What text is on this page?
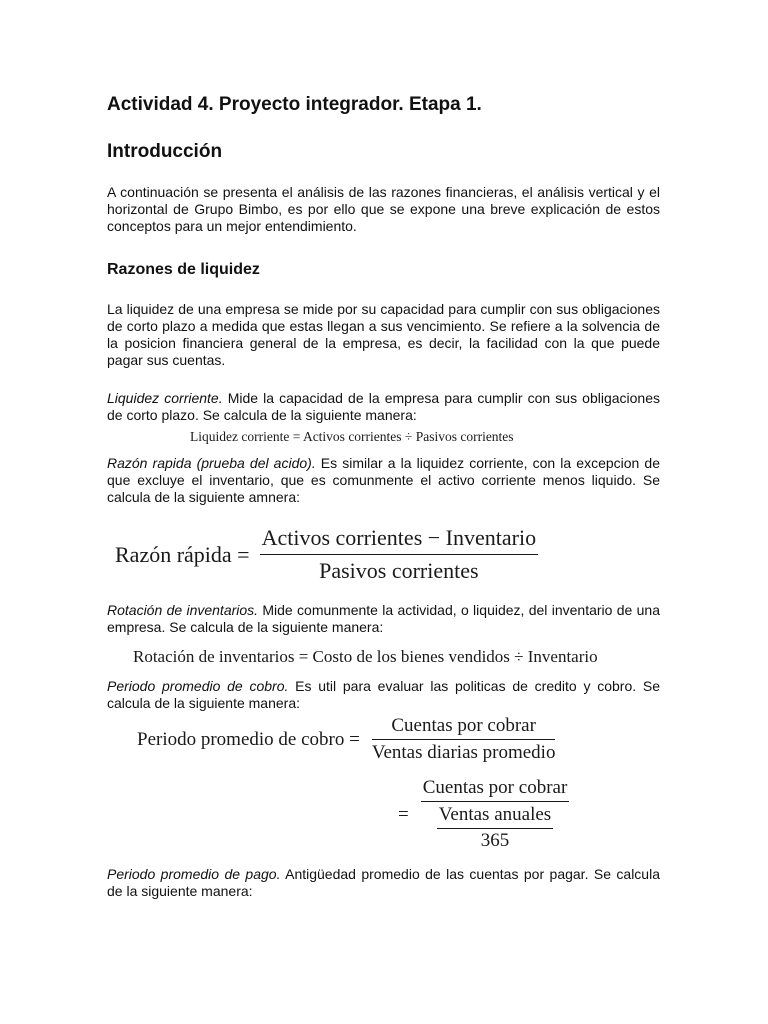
Actividad 4. Proyecto integrador. Etapa 1.
Introducción

A continuación se presenta el análisis de las razones financieras, el análisis vertical y el horizontal de Grupo Bimbo, es por ello que se expone una breve explicación de estos conceptos para un mejor entendimiento.

Razones de liquidez

La liquidez de una empresa se mide por su capacidad para cumplir con sus obligaciones de corto plazo a medida que estas llegan a sus vencimiento. Se refiere a la solvencia de la posicion financiera general de la empresa, es decir, la facilidad con la que puede pagar sus cuentas.

Liquidez corriente. Mide la capacidad de la empresa para cumplir con sus obligaciones de corto plazo. Se calcula de la siguiente manera:

Liquidez corriente = Activos corrientes ÷ Pasivos corrientes

Razón rapida (prueba del acido). Es similar a la liquidez corriente, con la excepcion de que excluye el inventario, que es comunmente el activo corriente menos liquido. Se calcula de la siguiente amnera:

Razón rápida = $\frac{\text{Activos corrientes − Inventario}}{\text{Pasivos corrientes}}$

Rotación de inventarios. Mide comunmente la actividad, o liquidez, del inventario de una empresa. Se calcula de la siguiente manera:

Rotación de inventarios = Costo de los bienes vendidos ÷ Inventario

Periodo promedio de cobro. Es util para evaluar las politicas de credito y cobro. Se calcula de la siguiente manera:

Periodo promedio de cobro = $\frac{\text{Cuentas por cobrar}}{\text{Ventas diarias promedio}}$
= $\frac{\text{Cuentas por cobrar}}{\frac{\text{Ventas anuales}}{365}}$

Periodo promedio de pago. Antigüedad promedio de las cuentas por pagar. Se calcula de la siguiente manera:
